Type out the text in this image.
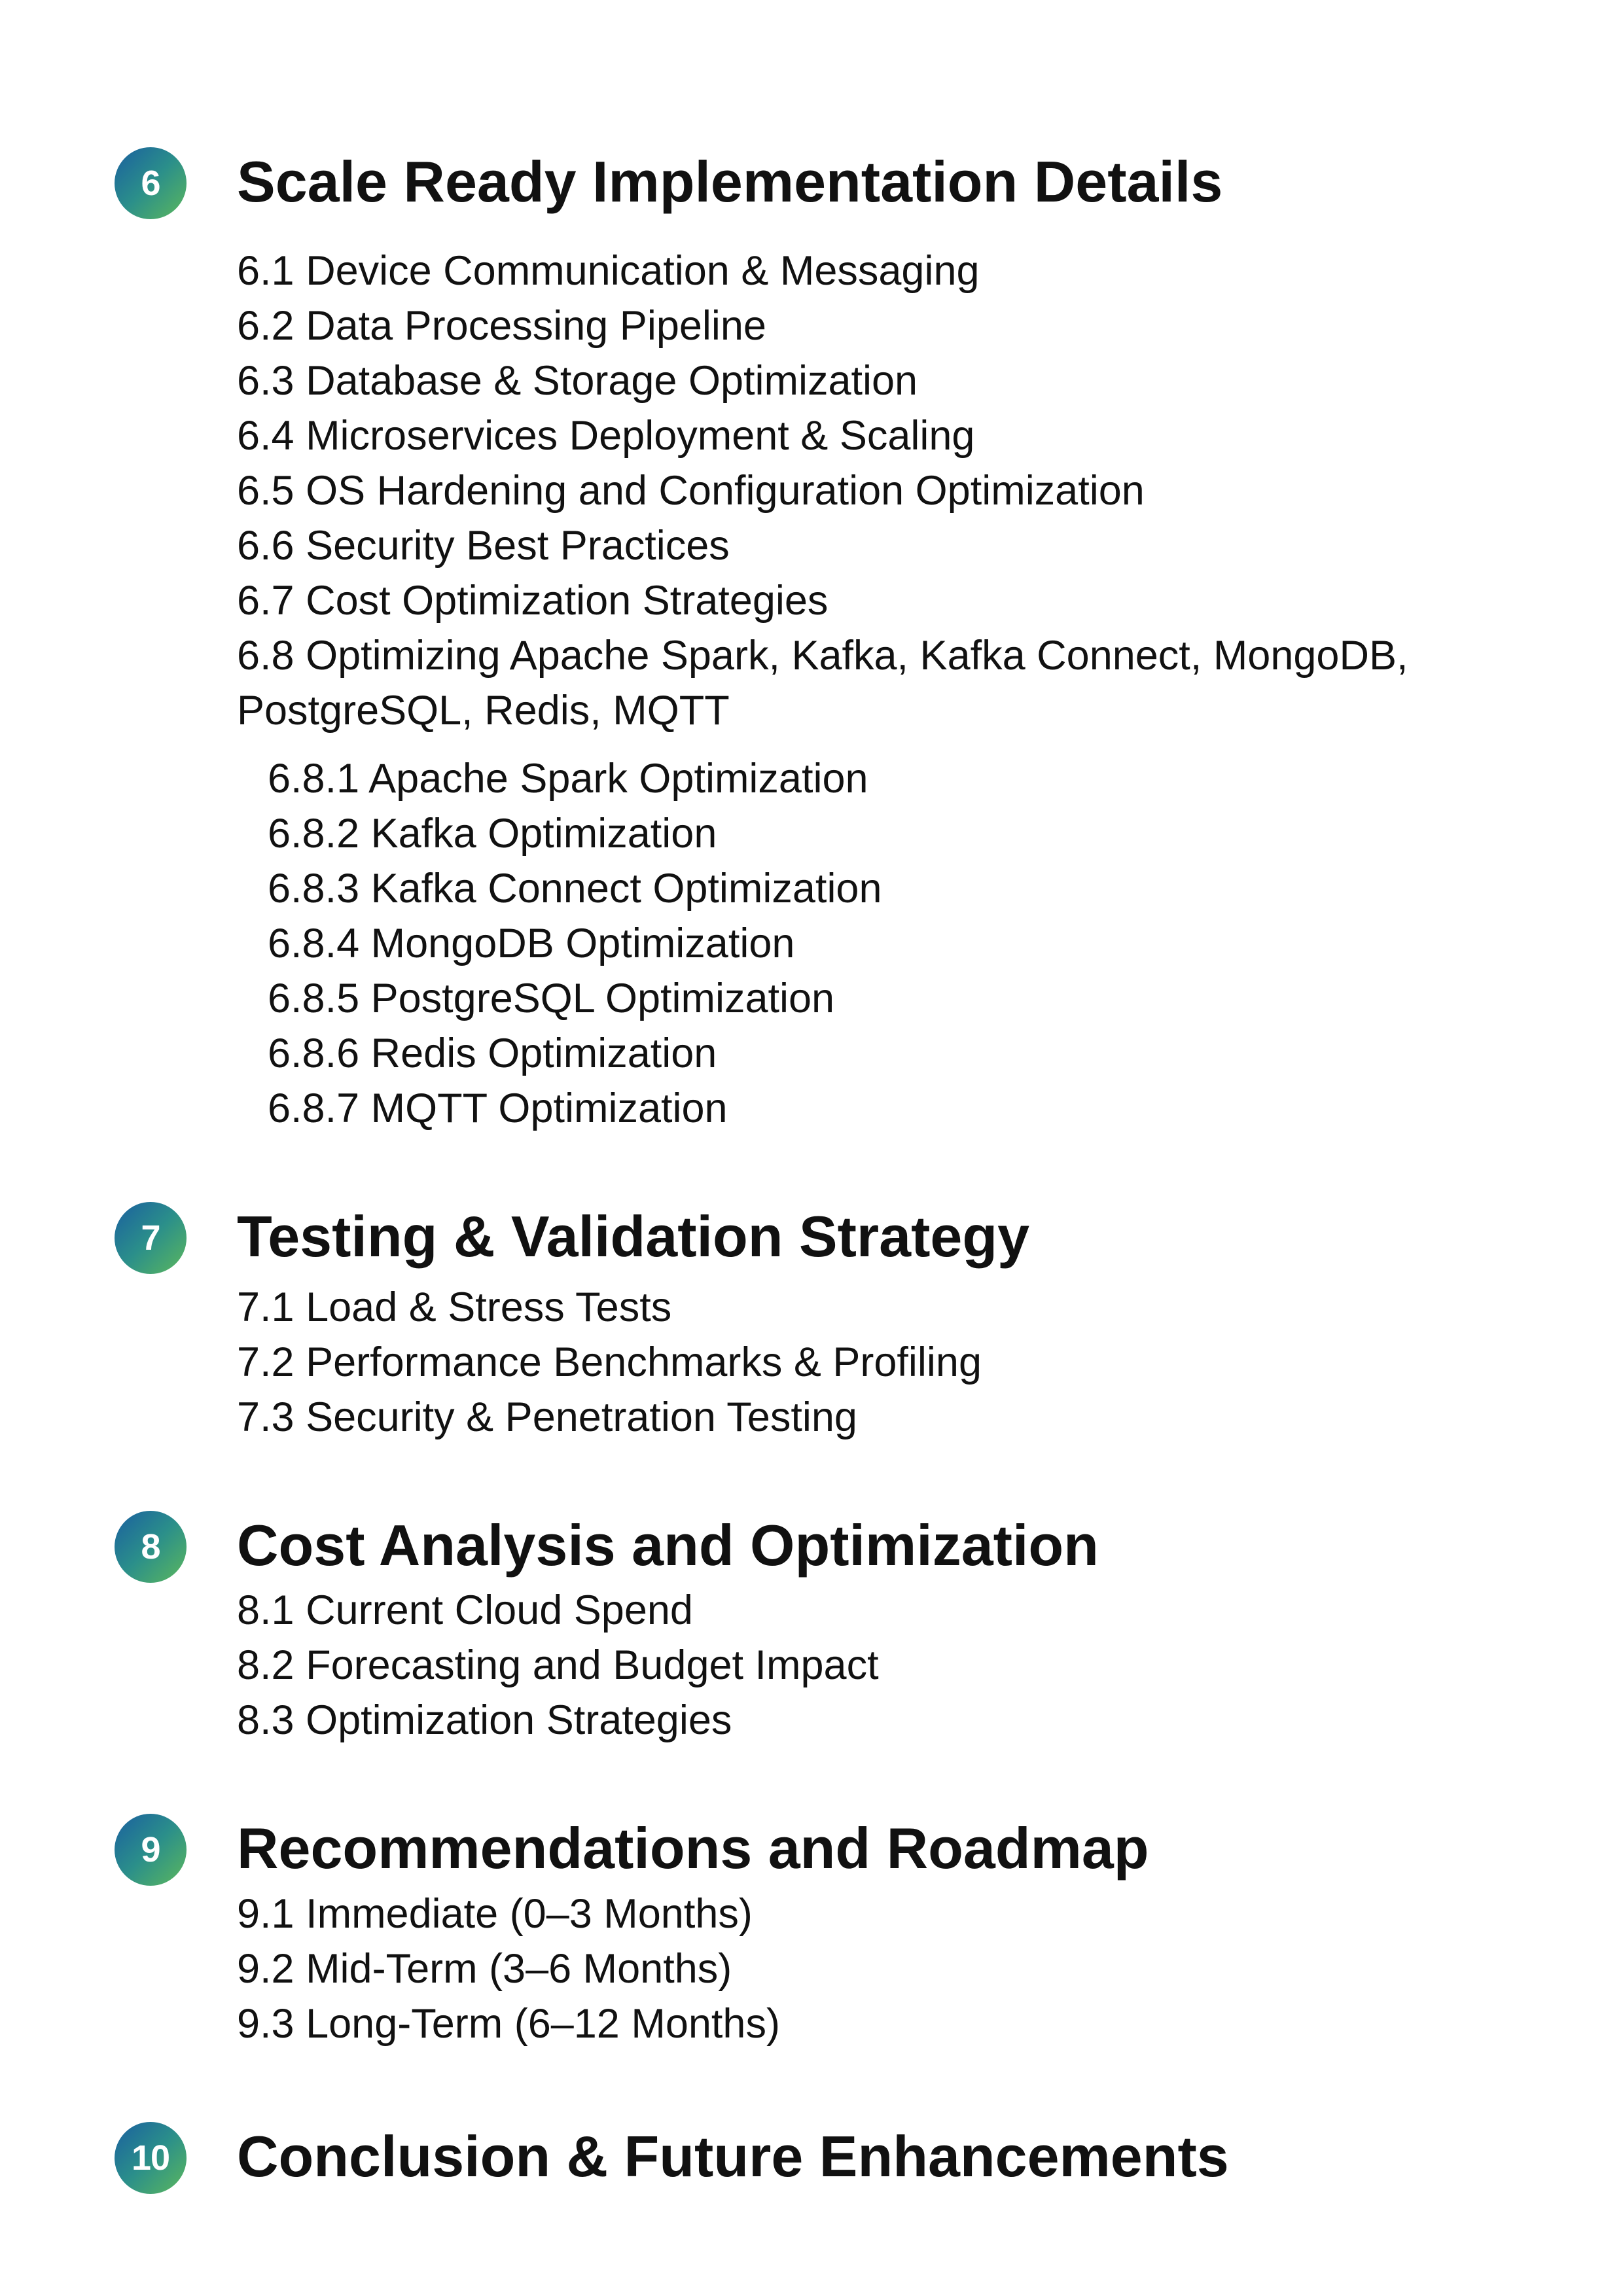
6	Scale Ready Implementation Details
6.1 Device Communication & Messaging
6.2 Data Processing Pipeline
6.3 Database & Storage Optimization
6.4 Microservices Deployment & Scaling
6.5 OS Hardening and Configuration Optimization
6.6 Security Best Practices
6.7 Cost Optimization Strategies
6.8 Optimizing Apache Spark, Kafka, Kafka Connect, MongoDB, PostgreSQL, Redis, MQTT
6.8.1 Apache Spark Optimization
6.8.2 Kafka Optimization
6.8.3 Kafka Connect Optimization
6.8.4 MongoDB Optimization
6.8.5 PostgreSQL Optimization
6.8.6 Redis Optimization
6.8.7 MQTT Optimization
7	Testing & Validation Strategy
7.1 Load & Stress Tests
7.2 Performance Benchmarks & Profiling
7.3 Security & Penetration Testing
8	Cost Analysis and Optimization
8.1 Current Cloud Spend
8.2 Forecasting and Budget Impact
8.3 Optimization Strategies
9	Recommendations and Roadmap
9.1 Immediate (0–3 Months)
9.2 Mid-Term (3–6 Months)
9.3 Long-Term (6–12 Months)
10 Conclusion & Future Enhancements
